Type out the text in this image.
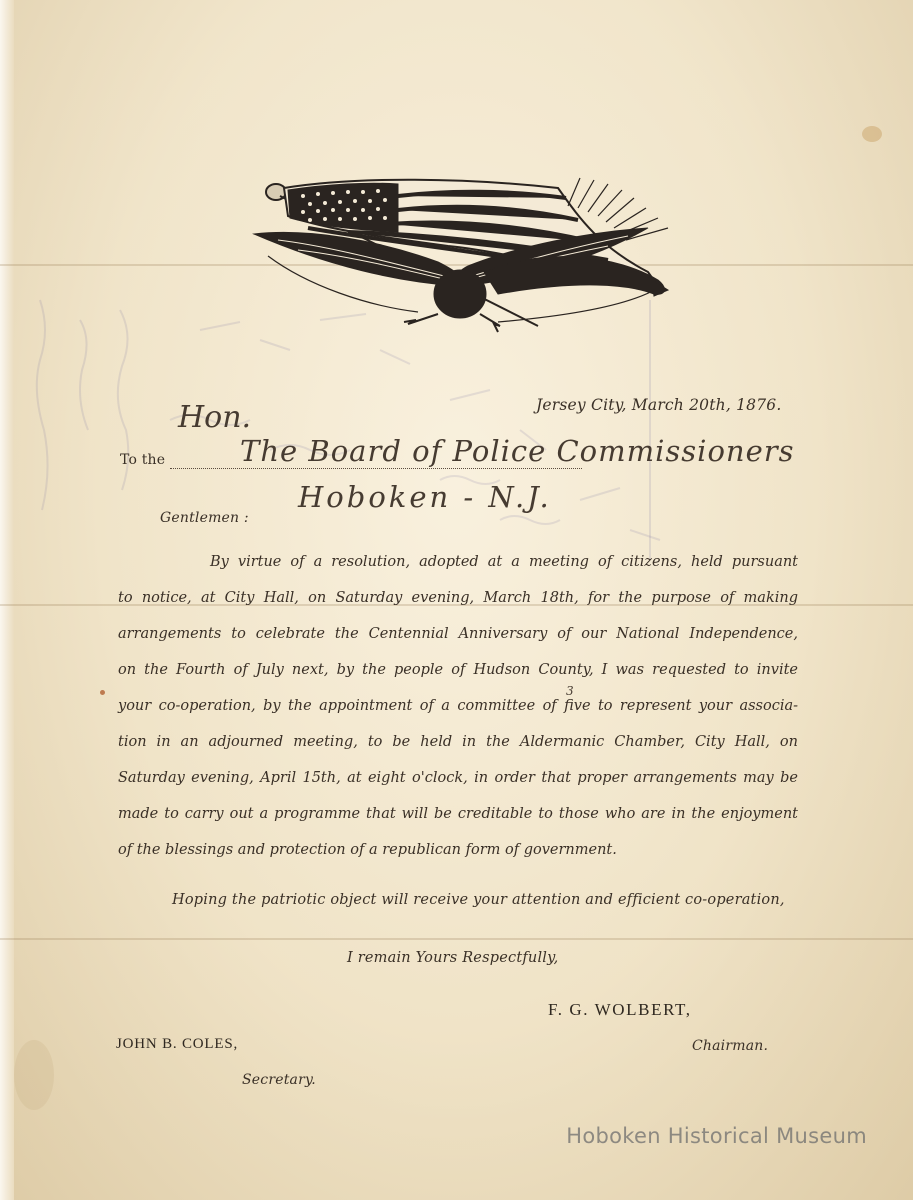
Jersey City, March 20th, 1876.
Hon.
To the	The Board of Police Commissioners
Hoboken - N.J.
Gentlemen :
By virtue of a resolution, adopted at a meeting of citizens, held pursuant
to notice, at City Hall, on Saturday evening, March 18th, for the purpose of making
arrangements to celebrate the Centennial Anniversary of our National Independence,
on the Fourth of July next, by the people of Hudson County, I was requested to invite
your co-operation, by the appointment of a committee of five to represent your associa-
tion in an adjourned meeting, to be held in the Aldermanic Chamber, City Hall, on
Saturday evening, April 15th, at eight o'clock, in order that proper arrangements may be
made to carry out a programme that will be creditable to those who are in the enjoyment
of the blessings and protection of a republican form of government.
3
Hoping the patriotic object will receive your attention and efficient co-operation,
I remain Yours Respectfully,
F. G. WOLBERT,
Chairman.
JOHN B. COLES,
Secretary.
Hoboken Historical Museum
